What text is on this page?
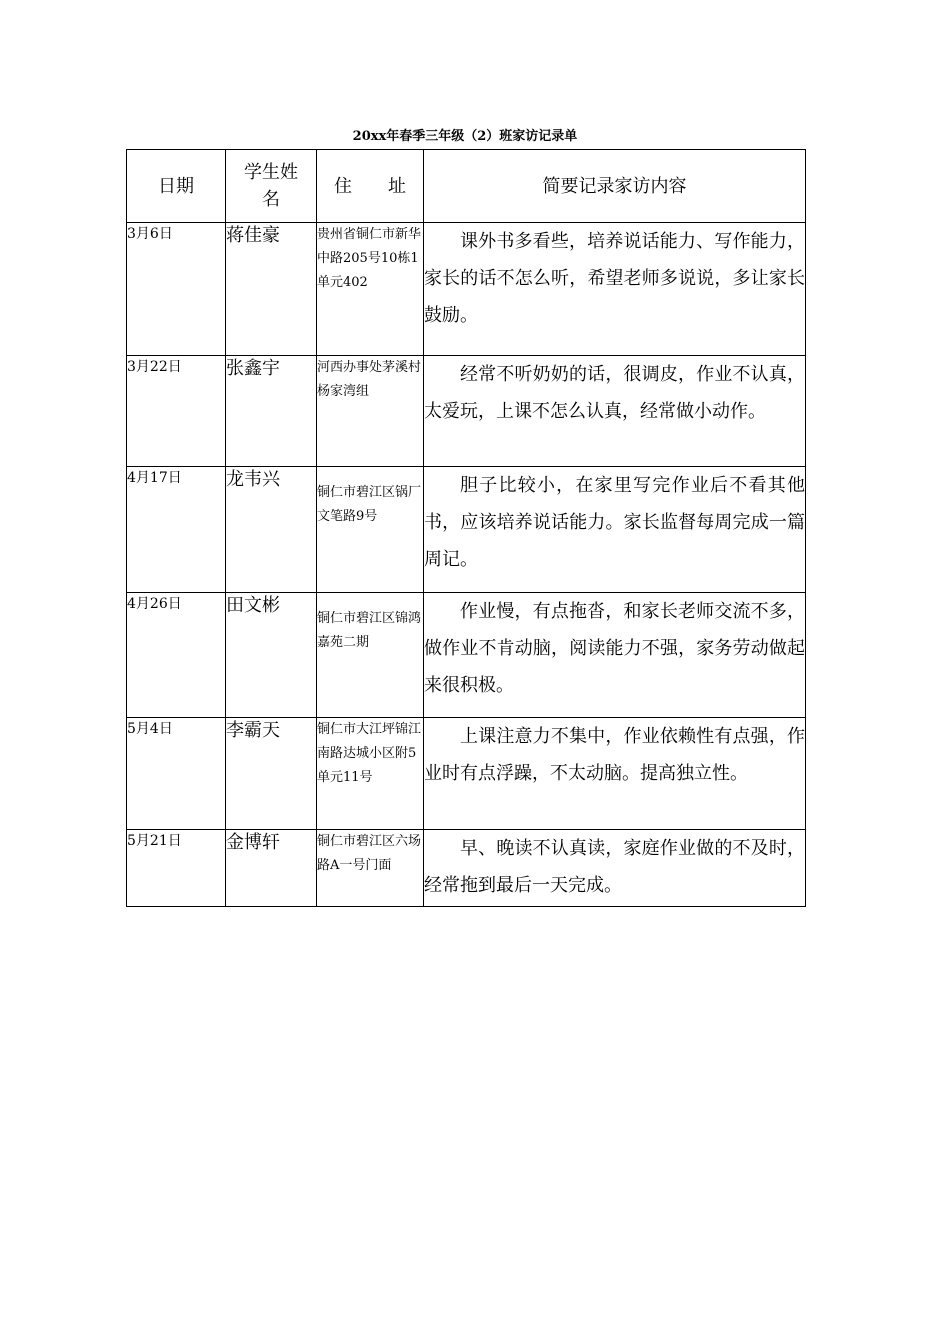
20xx年春季三年级（2）班家访记录单
日期	学生姓名	住　　址	简要记录家访内容
3月6日	蒋佳豪	贵州省铜仁市新华中路205号10栋1单元402	课外书多看些，培养说话能力、写作能力，家长的话不怎么听，希望老师多说说，多让家长鼓励。
3月22日	张鑫宇	河西办事处茅溪村杨家湾组	经常不听奶奶的话，很调皮，作业不认真，太爱玩，上课不怎么认真，经常做小动作。
4月17日	龙韦兴	铜仁市碧江区锅厂文笔路9号	胆子比较小，在家里写完作业后不看其他书，应该培养说话能力。家长监督每周完成一篇周记。
4月26日	田文彬	铜仁市碧江区锦鸿嘉苑二期	作业慢，有点拖沓，和家长老师交流不多，做作业不肯动脑，阅读能力不强，家务劳动做起来很积极。
5月4日	李霸天	铜仁市大江坪锦江南路达城小区附5单元11号	上课注意力不集中，作业依赖性有点强，作业时有点浮躁，不太动脑。提高独立性。
5月21日	金博轩	铜仁市碧江区六场路A一号门面	早、晚读不认真读，家庭作业做的不及时，经常拖到最后一天完成。
